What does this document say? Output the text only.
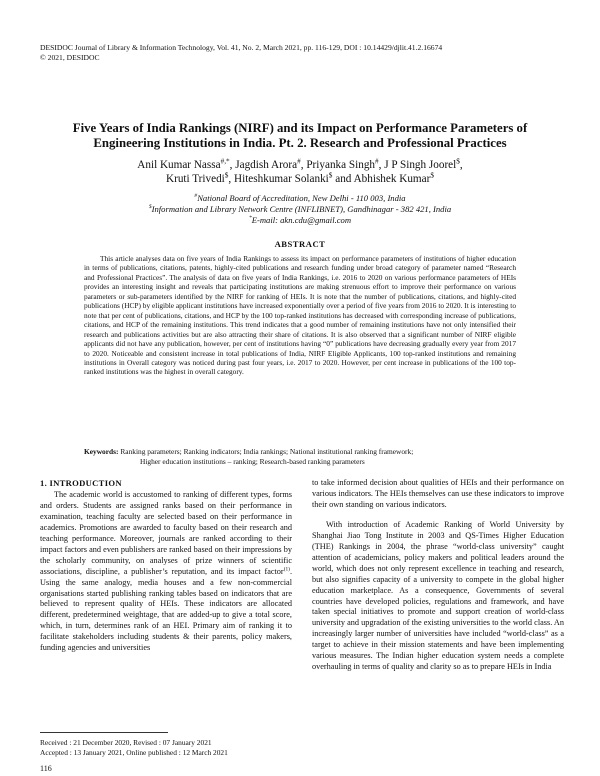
DESIDOC Journal of Library & Information Technology, Vol. 41, No. 2, March 2021, pp. 116-129, DOI : 10.14429/djlit.41.2.16674
© 2021, DESIDOC
Five Years of India Rankings (NIRF) and its Impact on Performance Parameters of Engineering Institutions in India. Pt. 2. Research and Professional Practices
Anil Kumar Nassa#,*, Jagdish Arora#, Priyanka Singh#, J P Singh Joorel$,
Kruti Trivedi$, Hiteshkumar Solanki$ and Abhishek Kumar$
#National Board of Accreditation, New Delhi - 110 003, India
$Information and Library Network Centre (INFLIBNET), Gandhinagar - 382 421, India
*E-mail: akn.cdu@gmail.com
ABSTRACT
This article analyses data on five years of India Rankings to assess its impact on performance parameters of institutions of higher education in terms of publications, citations, patents, highly-cited publications and research funding under broad category of parameter named “Research and Professional Practices”. The analysis of data on five years of India Rankings, i.e. 2016 to 2020 on various performance parameters of HEIs provides an interesting insight and reveals that participating institutions are making strenuous effort to improve their performance on various parameters or sub-parameters identified by the NIRF for ranking of HEIs. It is note that the number of publications, citations, and highly-cited publications (HCP) by eligible applicant institutions have increased exponentially over a period of five years from 2016 to 2020. It is interesting to note that per cent of publications, citations, and HCP by the 100 top-ranked institutions has decreased with corresponding increase of publications, citations, and HCP of the remaining institutions. This trend indicates that a good number of remaining institutions have not only intensified their research and publications activities but are also attracting their share of citations. It is also observed that a significant number of NIRF eligible applicants did not have any publication, however, per cent of institutions having “0” publications have decreasing gradually every year from 2017 to 2020. Noticeable and consistent increase in total publications of India, NIRF Eligible Applicants, 100 top-ranked institutions and remaining institutions in Overall category was noticed during past four years, i.e. 2017 to 2020. However, per cent increase in publications of the 100 top-ranked institutions was the highest in overall category.
Keywords: Ranking parameters; Ranking indicators; India rankings; National institutional ranking framework;
Higher education institutions – ranking; Research-based ranking parameters
1. INTRODUCTION

The academic world is accustomed to ranking of different types, forms and orders. Students are assigned ranks based on their performance in examination, teaching faculty are selected based on their performance in academics. Promotions are awarded to faculty based on their research and teaching performance. Moreover, journals are ranked according to their impact factors and even publishers are ranked based on their impressions by the scholarly community, on analyses of prize winners of scientific associations, discipline, a publisher’s reputation, and its impact factor$^{(1)}$. Using the same analogy, media houses and a few non-commercial organisations started publishing ranking tables based on indicators that are believed to represent quality of HEIs. These indicators are allocated different, predetermined weightage, that are added-up to give a total score, which, in turn, determines rank of an HEI. Primary aim of ranking it to facilitate stakeholders including students & their parents, policy makers, funding agencies and universities

to take informed decision about qualities of HEIs and their performance on various indicators. The HEIs themselves can use these indicators to improve their own standing on various indicators.

With introduction of Academic Ranking of World University by Shanghai Jiao Tong Institute in 2003 and QS-Times Higher Education (THE) Rankings in 2004, the phrase “world-class university” caught attention of academicians, policy makers and political leaders around the world, which does not only represent excellence in teaching and research, but also signifies capacity of a university to compete in the global higher education marketplace. As a consequence, Governments of several countries have developed policies, regulations and framework, and have taken special initiatives to promote and support creation of world-class university and upgradation of the existing universities to the world class. An increasingly larger number of universities have included “world-class” as a target to achieve in their mission statements and have been implementing various measures. The Indian higher education system needs a complete overhauling in terms of quality and clarity so as to prepare HEIs in India

Received : 21 December 2020, Revised : 07 January 2021
Accepted : 13 January 2021, Online published : 12 March 2021
116
